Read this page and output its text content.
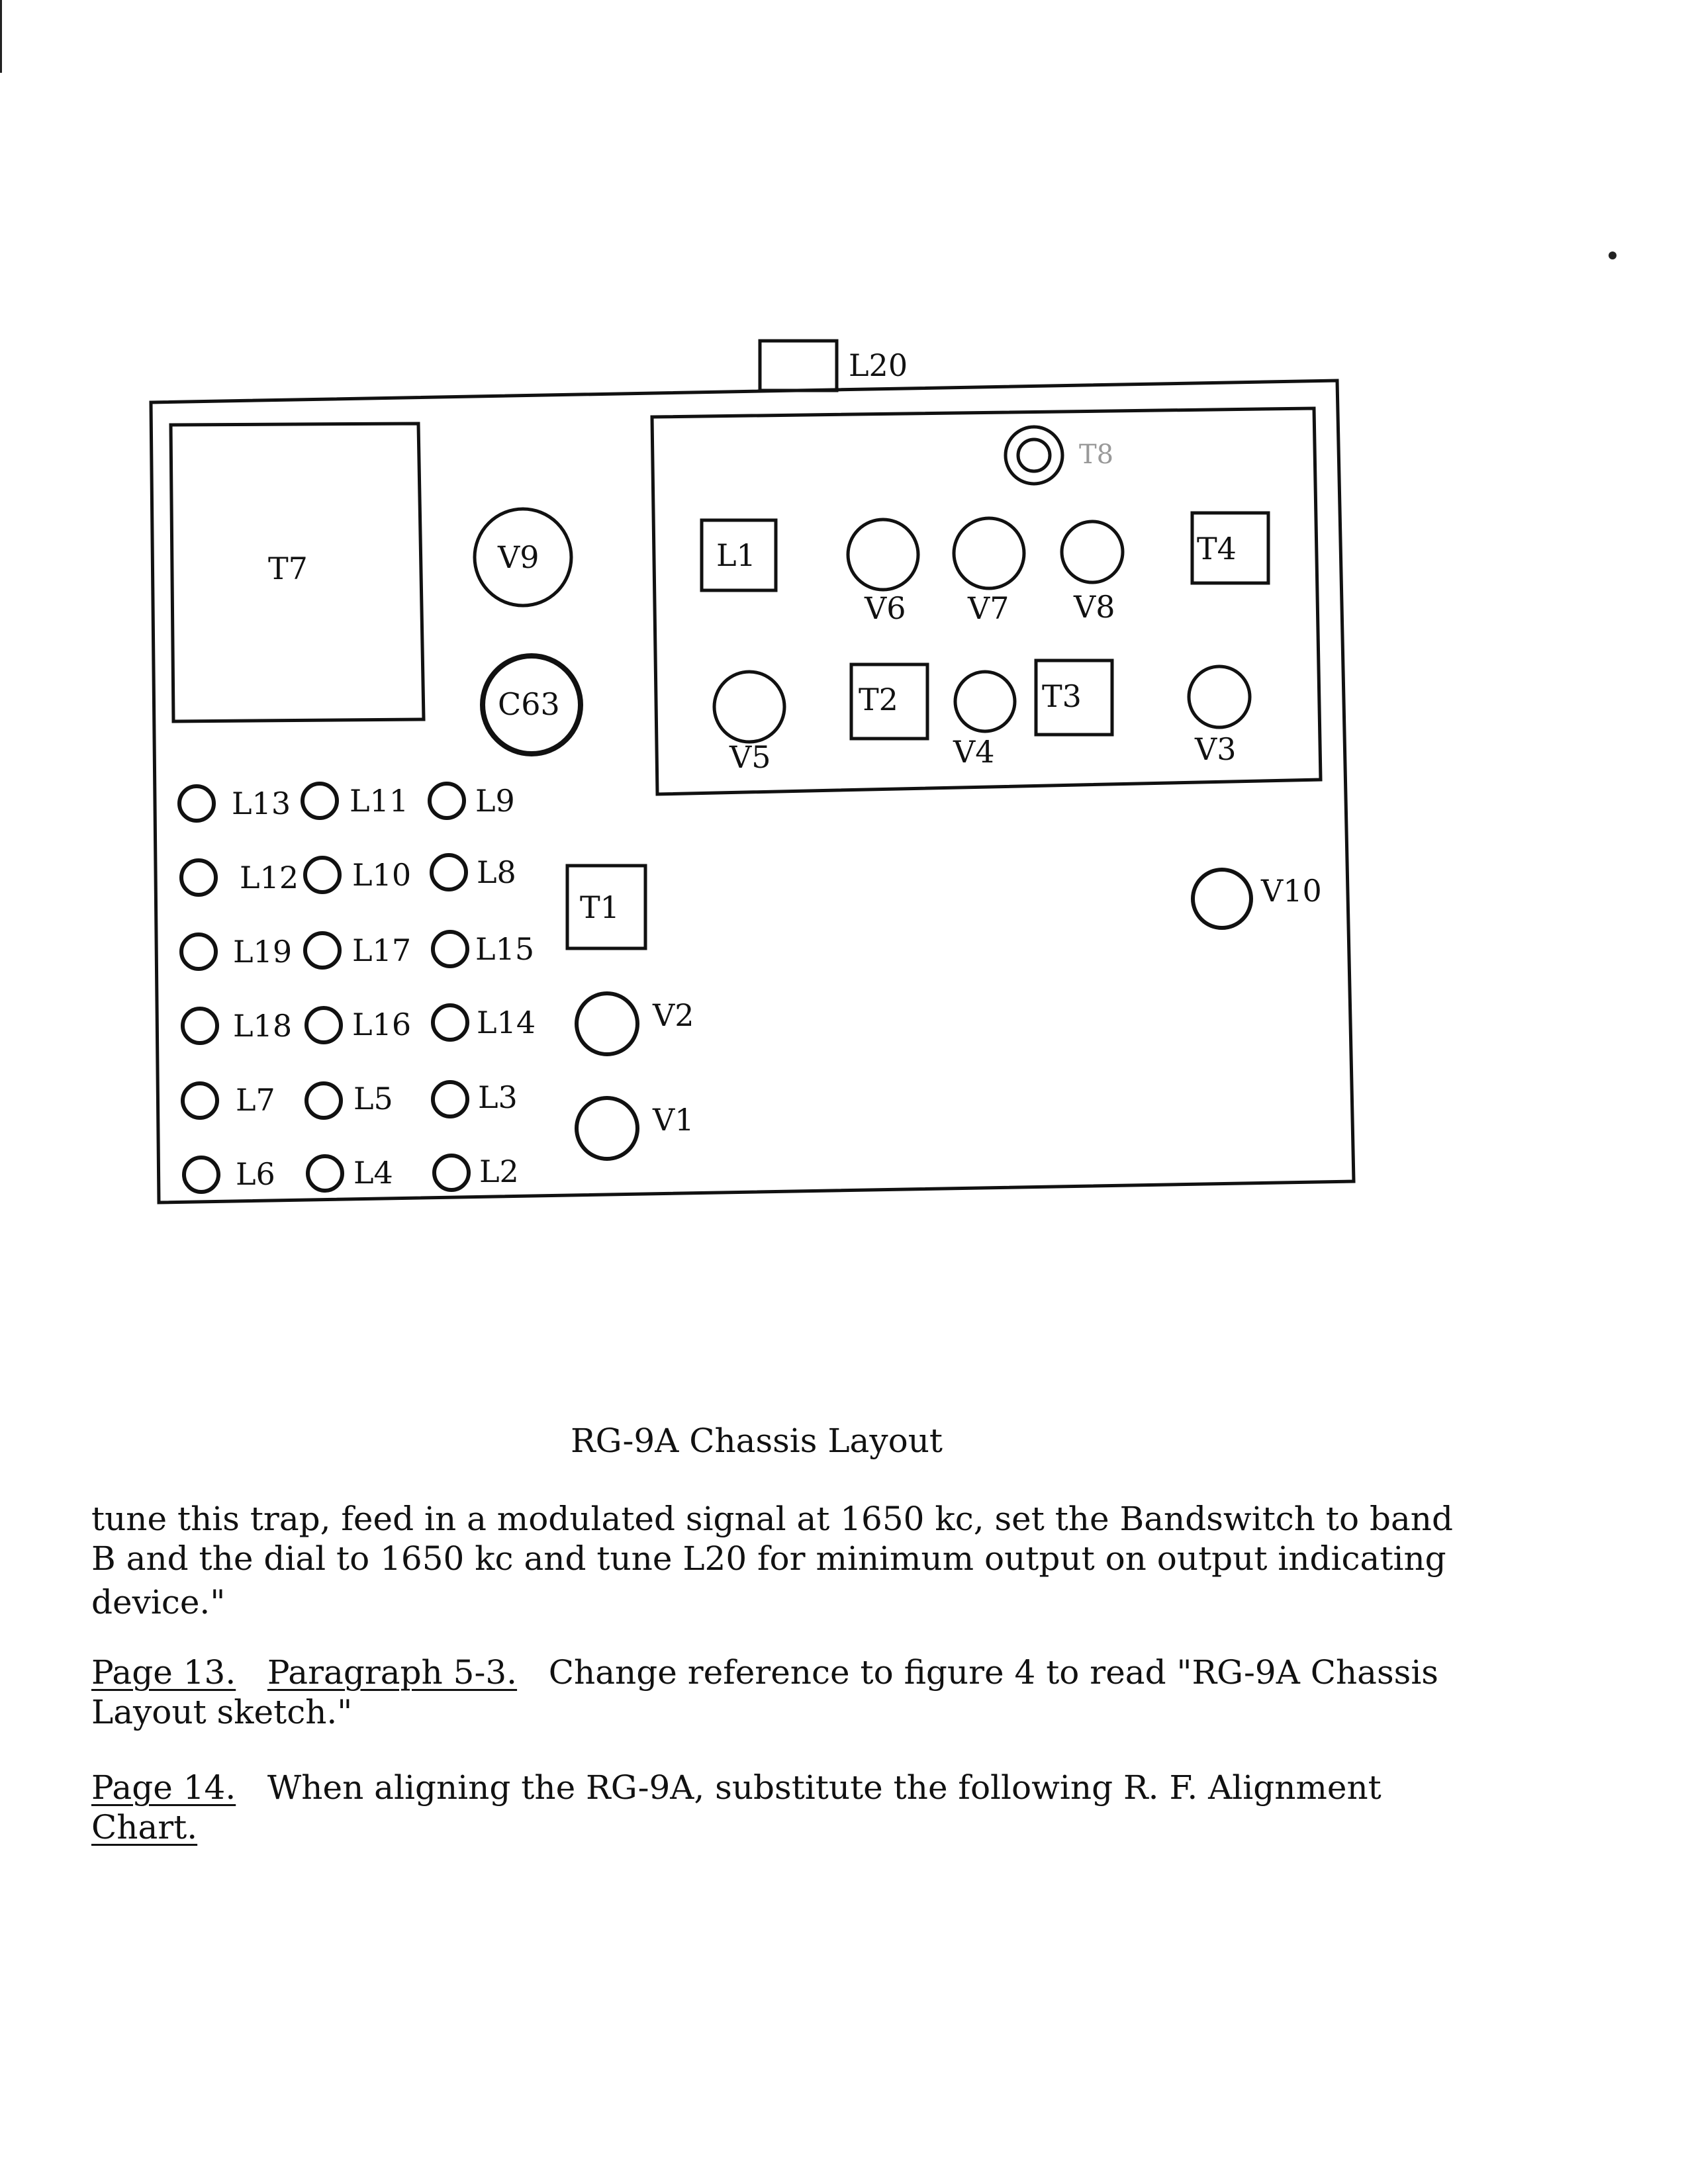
L20
T8
T7	V9
C63
L1	T4
V6 V7 V8
T2	T3
V5	V4	V3
T1	V10
V2
V1
L13 L11 L9
L12 L10 L8
L19 L17 L15
L18 L16 L14
L7	L5	L3
L6	L4	L2
RG-9A Chassis Layout
tune this trap, feed in a modulated signal at 1650 kc, set the Bandswitch to band
B and the dial to 1650 kc and tune L20 for minimum output on output indicating
device."
Page 13. Paragraph 5-3. Change reference to figure 4 to read "RG-9A Chassis
Layout sketch."
Page 14. When aligning the RG-9A, substitute the following R. F. Alignment
Chart.
